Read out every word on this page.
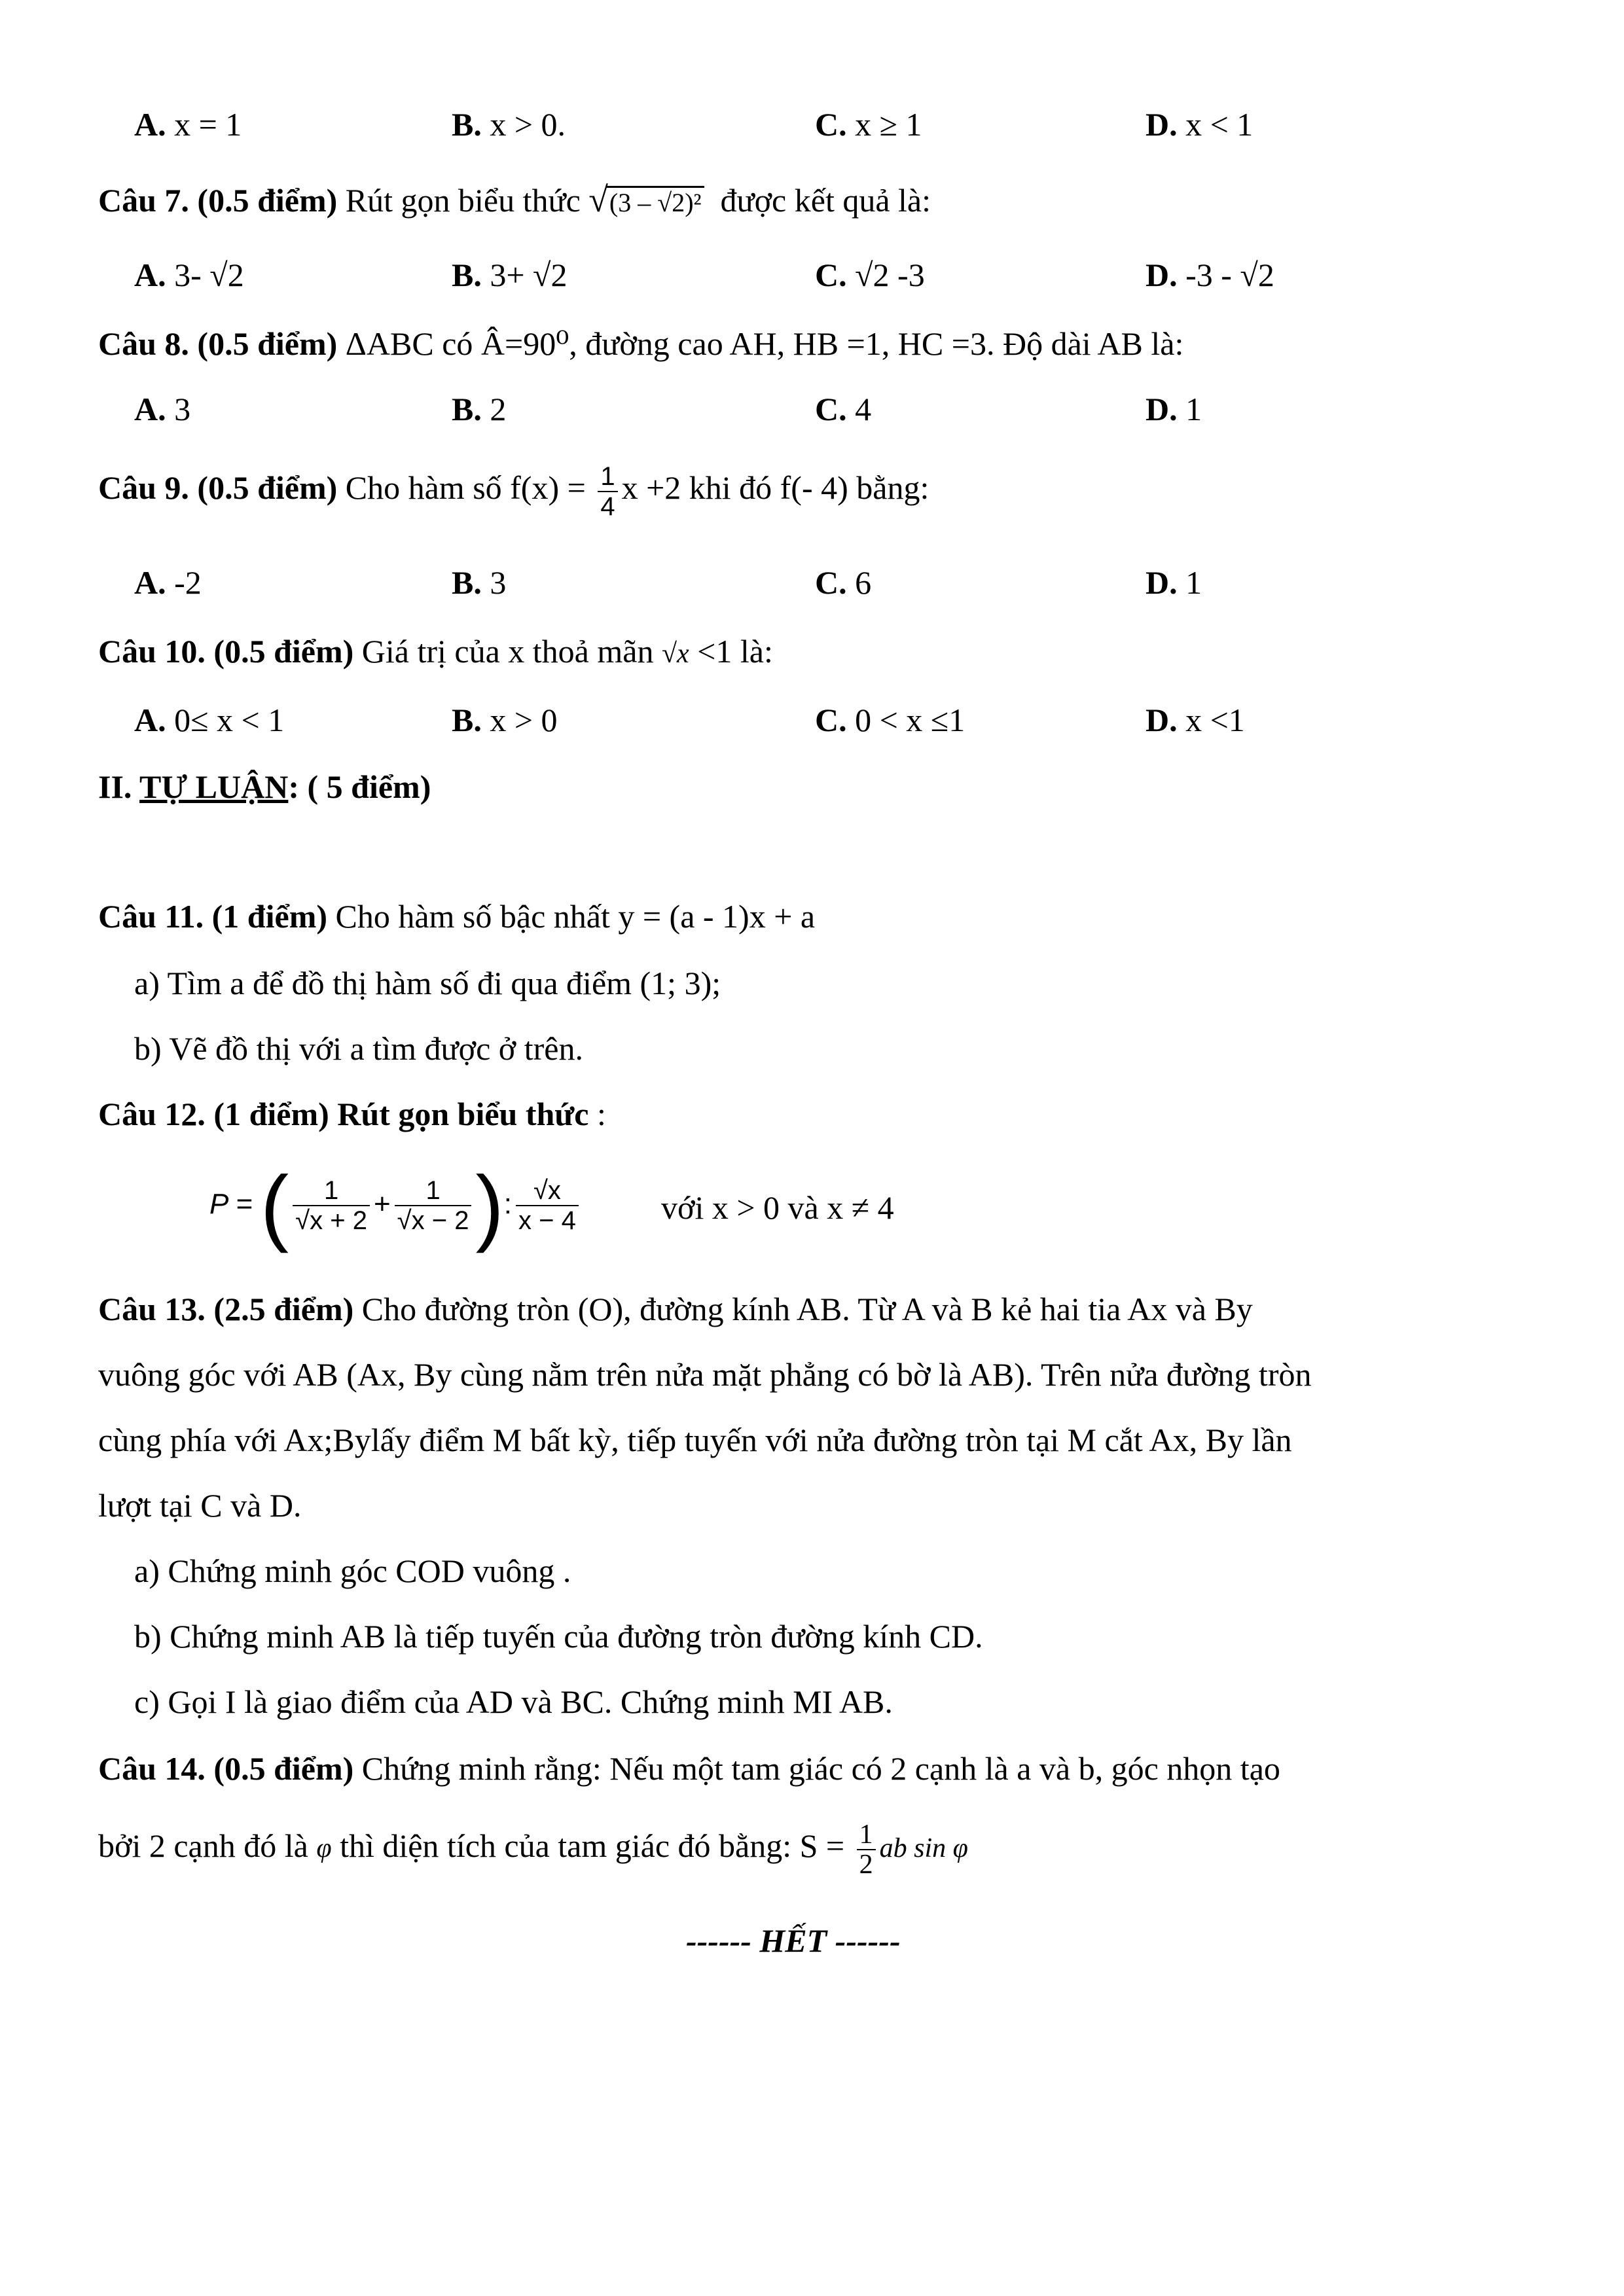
A. x = 1	B. x > 0.	C. x ≥ 1	D. x < 1
Câu 7. (0.5 điểm) Rút gọn biểu thức √(3 – √2)² được kết quả là:
A. 3- √2	B. 3+ √2	C. √2 -3	D. -3 - √2
Câu 8. (0.5 điểm) ΔABC có Â=90⁰, đường cao AH, HB =1, HC =3. Độ dài AB là:
A. 3	B. 2	C. 4	D. 1
Câu 9. (0.5 điểm) Cho hàm số $f(x) = \frac{1}{4}$ x +2 khi đó f(- 4) bằng:
A. -2	B. 3	C. 6	D. 1
Câu 10. (0.5 điểm) Giá trị của x thoả mãn √x <1 là:
A. 0≤ x < 1	B. x > 0	C. 0 < x ≤1	D. x <1
II. TỰ LUẬN: ( 5 điểm)
Câu 11. (1 điểm) Cho hàm số bậc nhất y = (a - 1)x + a
a) Tìm a để đồ thị hàm số đi qua điểm (1; 3);
b) Vẽ đồ thị với a tìm được ở trên.
Câu 12. (1 điểm) Rút gọn biểu thức :
P = ( $\frac{1}{√x + 2} + \frac{1}{√x - 2}$ ): $\frac{√x}{x - 4}$	với x > 0 và x ≠ 4
Câu 13. (2.5 điểm) Cho đường tròn (O), đường kính AB. Từ A và B kẻ hai tia Ax và By
vuông góc với AB (Ax, By cùng nằm trên nửa mặt phẳng có bờ là AB). Trên nửa đường tròn
cùng phía với Ax;Bylấy điểm M bất kỳ, tiếp tuyến với nửa đường tròn tại M cắt Ax, By lần
lượt tại C và D.
a) Chứng minh góc COD vuông .
b) Chứng minh AB là tiếp tuyến của đường tròn đường kính CD.
c) Gọi I là giao điểm của AD và BC. Chứng minh MI AB.
Câu 14. (0.5 điểm) Chứng minh rằng: Nếu một tam giác có 2 cạnh là a và b, góc nhọn tạo
bởi 2 cạnh đó là φ thì diện tích của tam giác đó bằng: $S = \frac{1}{2}$ ab sin φ
------ HẾT ------
